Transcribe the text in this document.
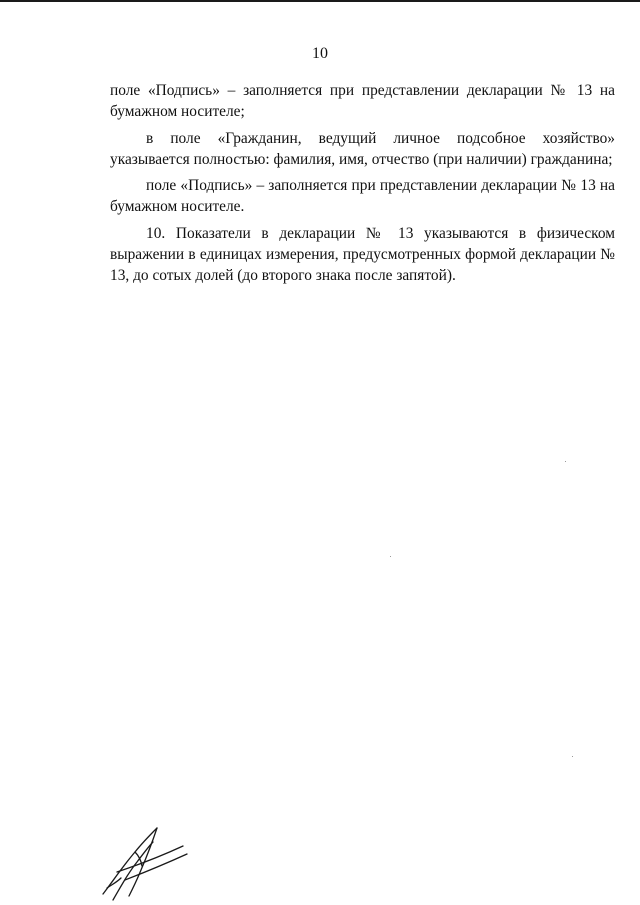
10

поле «Подпись» – заполняется при представлении декларации № 13 на бумажном носителе;

в поле «Гражданин, ведущий личное подсобное хозяйство» указывается полностью: фамилия, имя, отчество (при наличии) гражданина;

поле «Подпись» – заполняется при представлении декларации № 13 на бумажном носителе.

10. Показатели в декларации № 13 указываются в физическом выражении в единицах измерения, предусмотренных формой декларации № 13, до сотых долей (до второго знака после запятой).
